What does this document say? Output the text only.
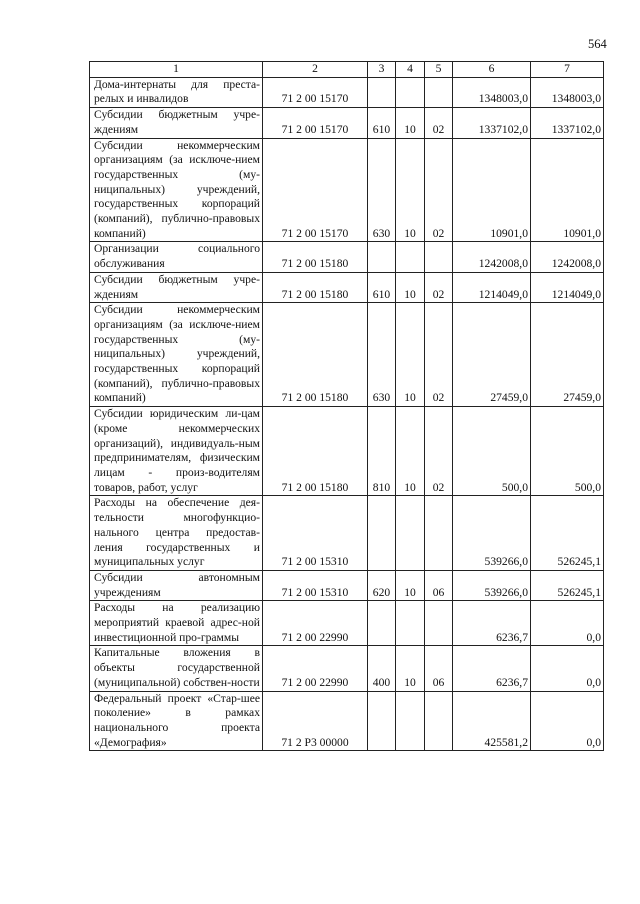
564
1	2	3	4	5	6	7
Дома-интернаты для преста-релых и инвалидов	71 2 00 15170				1348003,0	1348003,0
Субсидии бюджетным учре-ждениям	71 2 00 15170	610	10	02	1337102,0	1337102,0
Субсидии некоммерческим организациям (за исключе-нием государственных (му-ниципальных) учреждений, государственных корпораций (компаний), публично-правовых компаний)	71 2 00 15170	630	10	02	10901,0	10901,0
Организации социального обслуживания	71 2 00 15180				1242008,0	1242008,0
Субсидии бюджетным учре-ждениям	71 2 00 15180	610	10	02	1214049,0	1214049,0
Субсидии некоммерческим организациям (за исключе-нием государственных (му-ниципальных) учреждений, государственных корпораций (компаний), публично-правовых компаний)	71 2 00 15180	630	10	02	27459,0	27459,0
Субсидии юридическим ли-цам (кроме некоммерческих организаций), индивидуаль-ным предпринимателям, физическим лицам - произ-водителям товаров, работ, услуг	71 2 00 15180	810	10	02	500,0	500,0
Расходы на обеспечение дея-тельности многофункцио-нального центра предостав-ления государственных и муниципальных услуг	71 2 00 15310				539266,0	526245,1
Субсидии автономным учреждениям	71 2 00 15310	620	10	06	539266,0	526245,1
Расходы на реализацию мероприятий краевой адрес-ной инвестиционной про-граммы	71 2 00 22990				6236,7	0,0
Капитальные вложения в объекты государственной (муниципальной) собствен-ности	71 2 00 22990	400	10	06	6236,7	0,0
Федеральный проект «Стар-шее поколение» в рамках национального проекта «Демография»	71 2 P3 00000				425581,2	0,0
